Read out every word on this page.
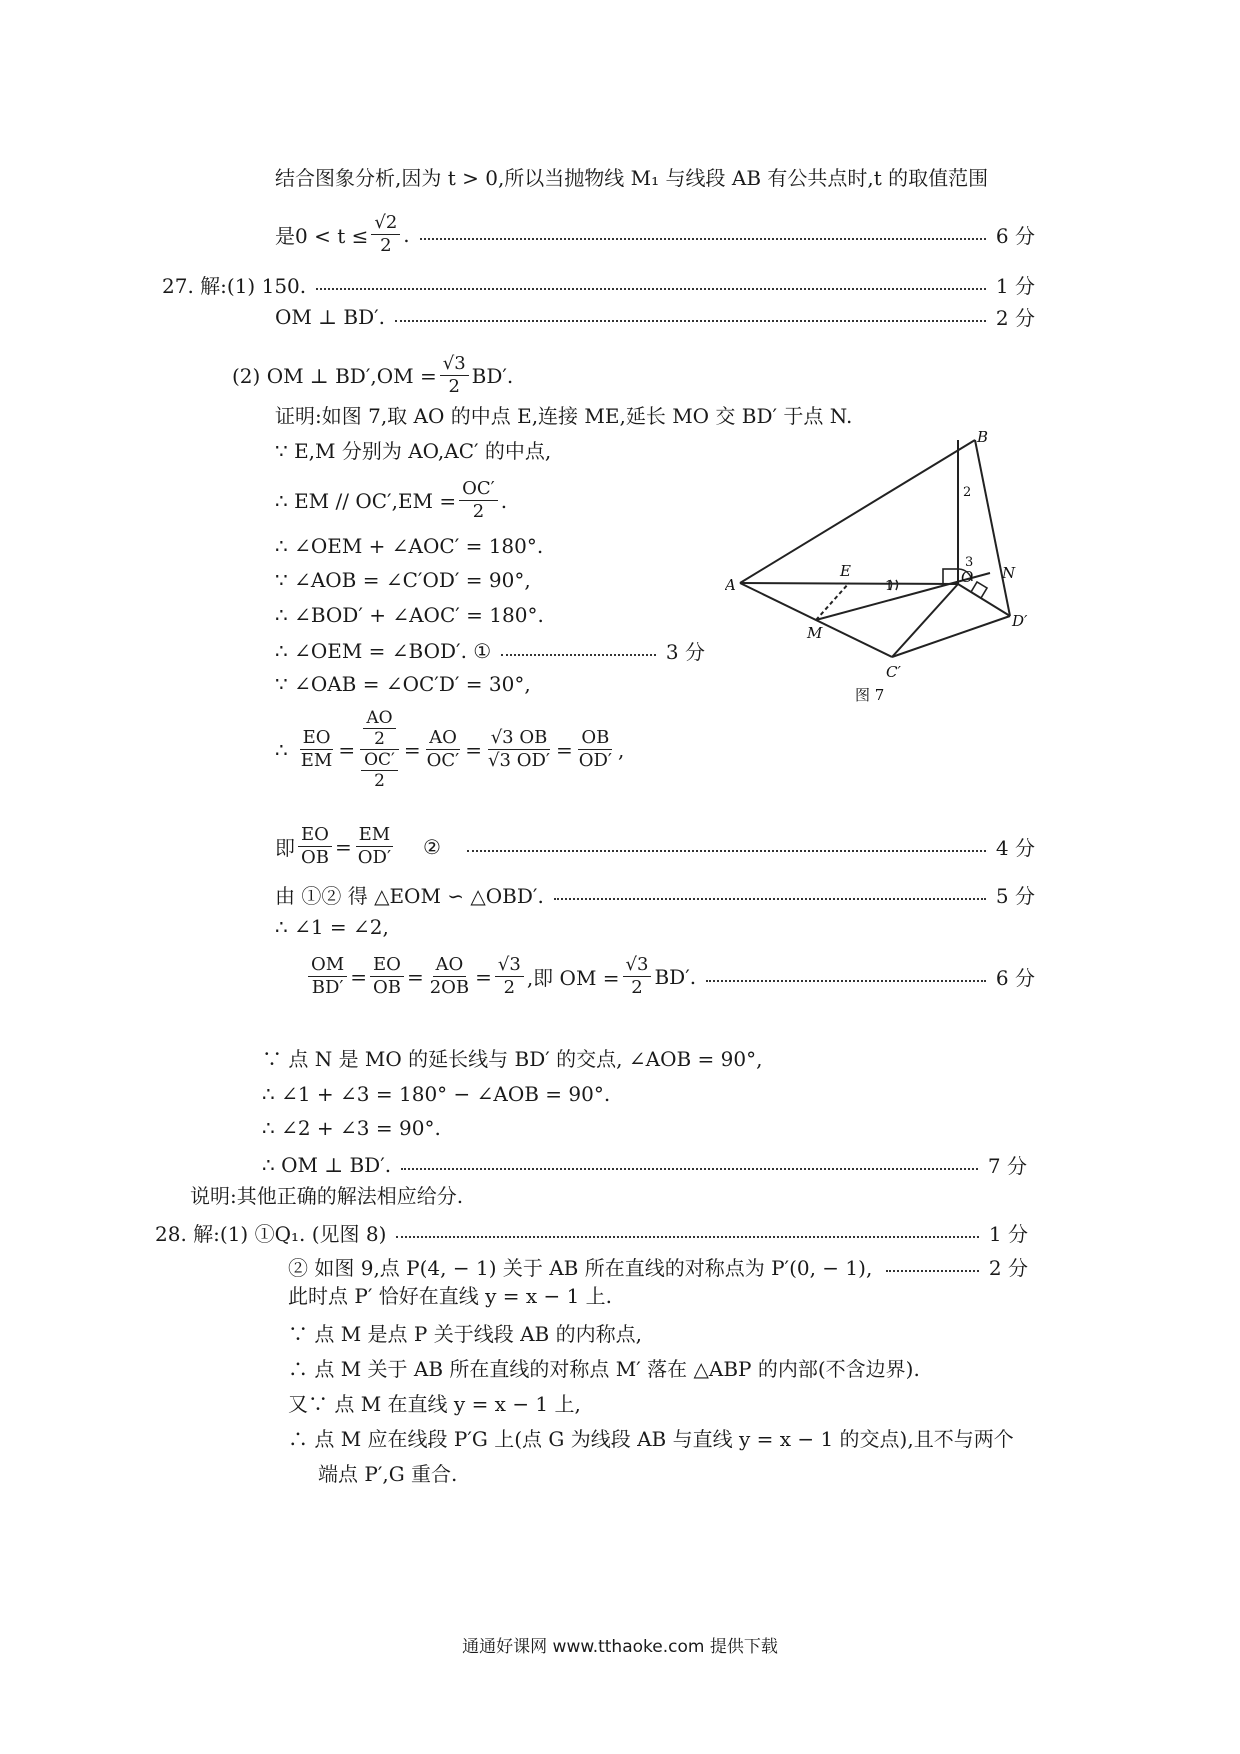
结合图象分析,因为 t > 0,所以当抛物线 M₁ 与线段 AB 有公共点时,t 的取值范围
是$0 < t \le \frac{√2}{2}$ .	6 分
27. 解:(1) 150.	1 分
OM ⊥ BD′.	2 分
(2) OM ⊥ $BD',OM = \frac{√3}{2} BD'$.
证明:如图 7,取 AO 的中点 E,连接 ME,延长 MO 交 BD′ 于点 N.
∵ E,M 分别为 AO,AC′ 的中点,
∴ EM // $OC',EM = \frac{OC'}{2}$ .
∴ ∠OEM + ∠AOC′ = 180°.
∵ ∠AOB = ∠C′OD′ = 90°,
∴ ∠BOD′ + ∠AOC′ = 180°.
∴ ∠OEM = ∠BOD′. ①	3 分
∵ ∠OAB = ∠OC′D′ = 30°,
∴ $\frac{EO}{EM} = \frac{\frac{AO}{2}}{\frac{OC'}{2}} = \frac{AO}{OC'} = \frac{√3 OB}{√3 OD'} = \frac{OB}{OD'}$ ,
即 $\frac{EO}{OB} = \frac{EM}{OD'}$ ②	4 分
由 ①② 得 △EOM ∽ △OBD′.	5 分
∴ ∠1 = ∠2,
$\frac{OM}{BD'} = \frac{EO}{OB} = \frac{AO}{2OB} = \frac{√3}{2}$ ,即 OM = $\frac{√3}{2} BD'$.	6 分
∵ 点 N 是 MO 的延长线与 BD′ 的交点, ∠AOB = 90°,
∴ ∠1 + ∠3 = 180° − ∠AOB = 90°.
∴ ∠2 + ∠3 = 90°.
∴ OM ⊥ BD′.	7 分
说明:其他正确的解法相应给分.
28. 解:(1) ①Q₁. (见图 8)	1 分
② 如图 9,点 P(4, − 1) 关于 AB 所在直线的对称点为 P′(0, − 1),	2 分
此时点 P′ 恰好在直线 y = x − 1 上.
∵ 点 M 是点 P 关于线段 AB 的内称点,
∴ 点 M 关于 AB 所在直线的对称点 M′ 落在 △ABP 的内部(不含边界).
又∵ 点 M 在直线 y = x − 1 上,
∴ 点 M 应在线段 P′G 上(点 G 为线段 AB 与直线 y = x − 1 的交点),且不与两个
端点 P′,G 重合.
A
B
E
M
O N
C′
D′
1
2
3
图 7
通通好课网 www.tthaoke.com 提供下载
